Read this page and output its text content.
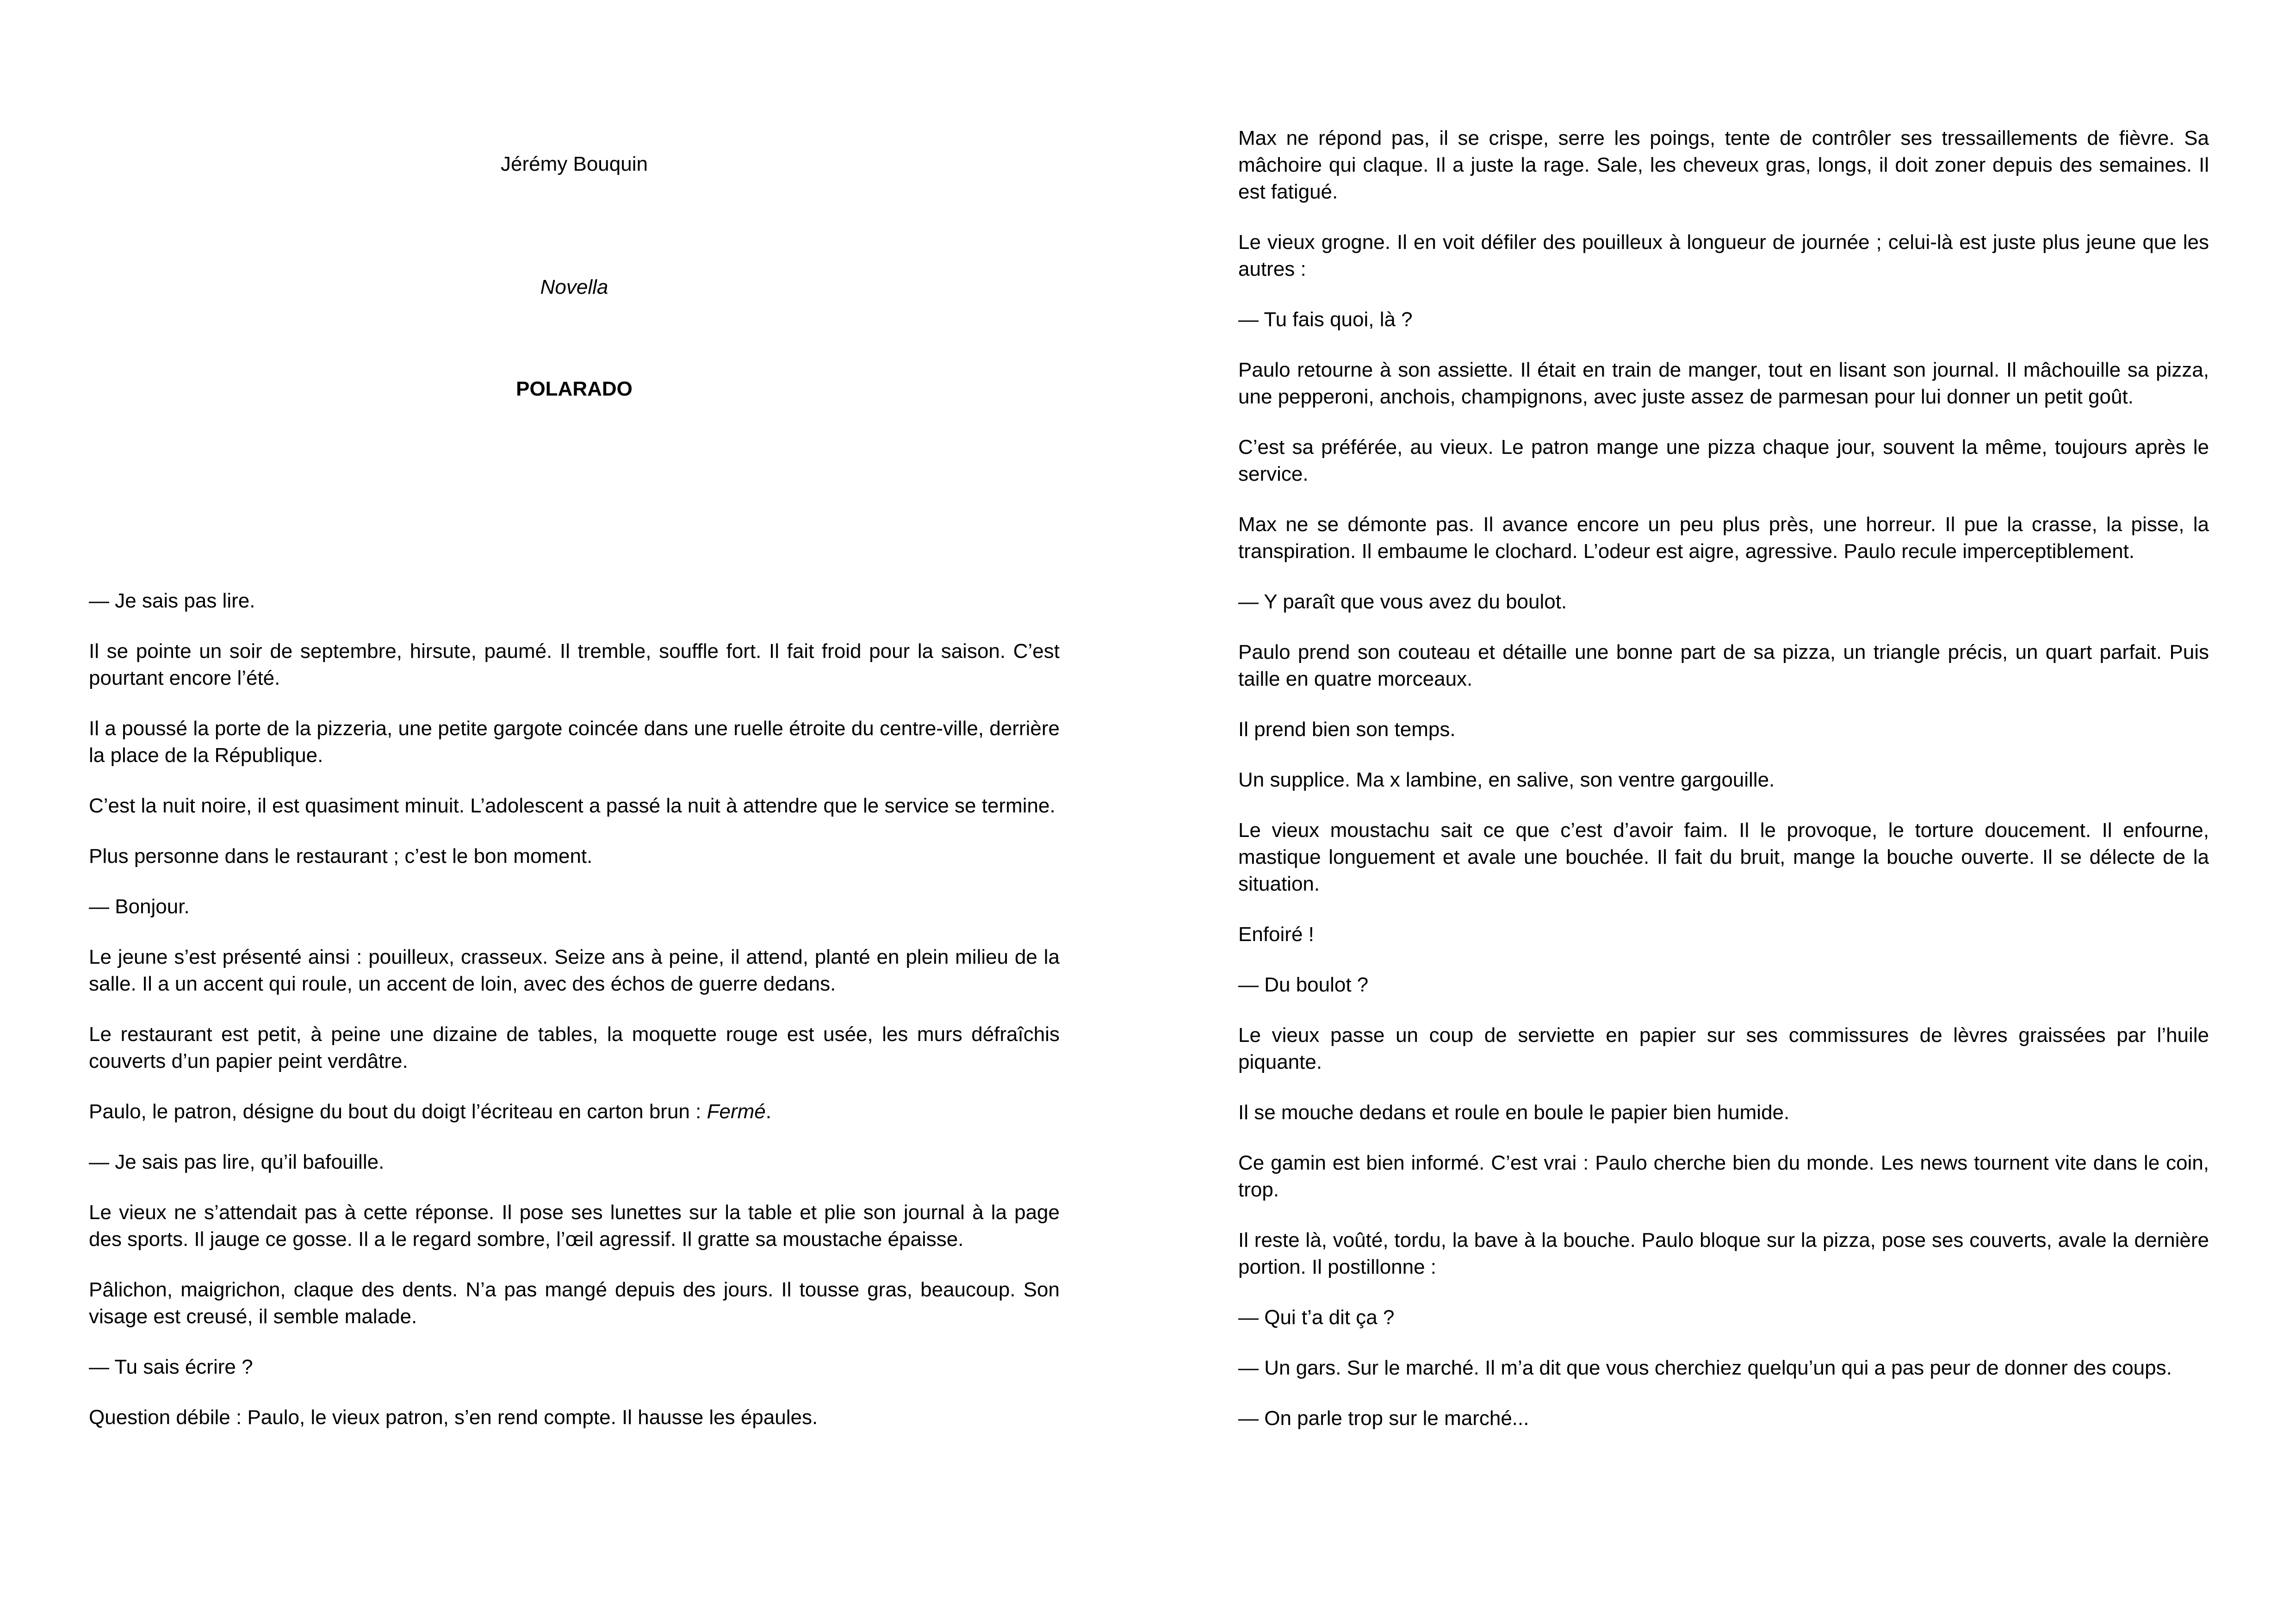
Jérémy Bouquin

Novella

POLARADO

— Je sais pas lire.

Il se pointe un soir de septembre, hirsute, paumé. Il tremble, souffle fort. Il fait froid pour la saison. C’est pourtant encore l’été.

Il a poussé la porte de la pizzeria, une petite gargote coincée dans une ruelle étroite du centre-ville, derrière la place de la République.

C’est la nuit noire, il est quasiment minuit. L’adolescent a passé la nuit à attendre que le service se termine.

Plus personne dans le restaurant ; c’est le bon moment.

— Bonjour.

Le jeune s’est présenté ainsi : pouilleux, crasseux. Seize ans à peine, il attend, planté en plein milieu de la salle. Il a un accent qui roule, un accent de loin, avec des échos de guerre dedans.

Le restaurant est petit, à peine une dizaine de tables, la moquette rouge est usée, les murs défraîchis couverts d’un papier peint verdâtre.

Paulo, le patron, désigne du bout du doigt l’écriteau en carton brun : Fermé.

— Je sais pas lire, qu’il bafouille.

Le vieux ne s’attendait pas à cette réponse. Il pose ses lunettes sur la table et plie son journal à la page des sports. Il jauge ce gosse. Il a le regard sombre, l’œil agressif. Il gratte sa moustache épaisse.

Pâlichon, maigrichon, claque des dents. N’a pas mangé depuis des jours. Il tousse gras, beaucoup. Son visage est creusé, il semble malade.

— Tu sais écrire ?

Question débile : Paulo, le vieux patron, s’en rend compte. Il hausse les épaules.

Max ne répond pas, il se crispe, serre les poings, tente de contrôler ses tressaillements de fièvre. Sa mâchoire qui claque. Il a juste la rage. Sale, les cheveux gras, longs, il doit zoner depuis des semaines. Il est fatigué.

Le vieux grogne. Il en voit défiler des pouilleux à longueur de journée ; celui-là est juste plus jeune que les autres :

— Tu fais quoi, là ?

Paulo retourne à son assiette. Il était en train de manger, tout en lisant son journal. Il mâchouille sa pizza, une pepperoni, anchois, champignons, avec juste assez de parmesan pour lui donner un petit goût.

C’est sa préférée, au vieux. Le patron mange une pizza chaque jour, souvent la même, toujours après le service.

Max ne se démonte pas. Il avance encore un peu plus près, une horreur. Il pue la crasse, la pisse, la transpiration. Il embaume le clochard. L’odeur est aigre, agressive. Paulo recule imperceptiblement.

— Y paraît que vous avez du boulot.

Paulo prend son couteau et détaille une bonne part de sa pizza, un triangle précis, un quart parfait. Puis taille en quatre morceaux.

Il prend bien son temps.

Un supplice. Ma x lambine, en salive, son ventre gargouille.

Le vieux moustachu sait ce que c’est d’avoir faim. Il le provoque, le torture doucement. Il enfourne, mastique longuement et avale une bouchée. Il fait du bruit, mange la bouche ouverte. Il se délecte de la situation.

Enfoiré !

— Du boulot ?

Le vieux passe un coup de serviette en papier sur ses commissures de lèvres graissées par l’huile piquante.

Il se mouche dedans et roule en boule le papier bien humide.

Ce gamin est bien informé. C’est vrai : Paulo cherche bien du monde. Les news tournent vite dans le coin, trop.

Il reste là, voûté, tordu, la bave à la bouche. Paulo bloque sur la pizza, pose ses couverts, avale la dernière portion. Il postillonne :

— Qui t’a dit ça ?

— Un gars. Sur le marché. Il m’a dit que vous cherchiez quelqu’un qui a pas peur de donner des coups.

— On parle trop sur le marché...
